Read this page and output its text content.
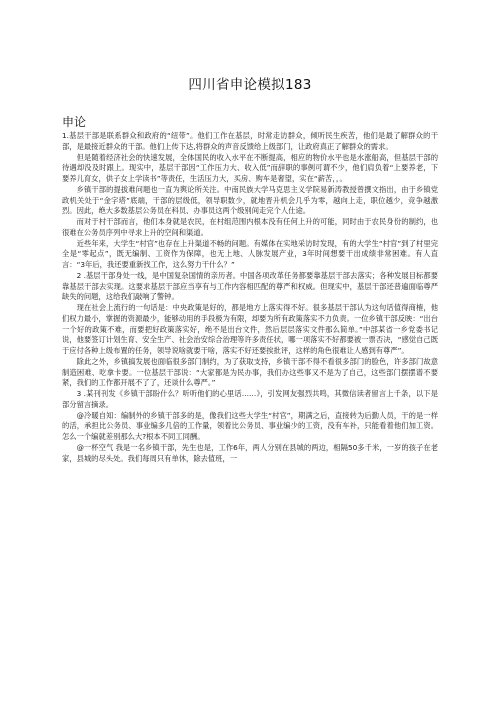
四川省申论模拟183
申论

1.基层干部是联系群众和政府的“纽带”。他们工作在基层，时常走访群众，倾听民生疾苦，他们是最了解群众的干部，是最接近群众的干部。他们上传下达,将群众的声音反馈给上级部门，让政府真正了解群众的需求。

但是随着经济社会的快速发展，全体国民的收入水平在不断提高，相应的物价水平也是水涨船高，但基层干部的待遇却没及时跟上。现实中，基层干部因“工作压力大、收入低”而辞职的事例可谓不少，他们肩负着“上要养老，下要养儿育女，供子女上学读书”等责任，生活压力大，买房、购车是奢望，实在“薪苦，，。

乡镇干部的提拔难问题也一直为舆论所关注。中南民族大学马克思主义学院易新涛教授曾撰文指出，由于乡镇党政机关处于“金字塔”底端，干部的层级低，领导职数少，就地晋升机会几乎为零，越向上走，职位越少，竞争越激烈。因此，绝大多数基层公务员在科员、办事员这两个级别间走完个人仕途。

而对于村干部而言，他们本身就是农民，在村组范围内根本没有任何上升的可能，同时由于农民身份的制约，也很难在公务员序列中寻求上升的空间和渠道。

近些年来，大学生“村官”也存在上升渠道不畅的问题。有媒体在实地采访时发现，有的大学生“村官”到了村里完全是“零起点”，既无编制、工资作为保障，也无上地、人脉发展产业，3年时间想要干出成绩非常困难。有人直言：“3年后，我还要重新找工作，这么努力干什么？”

2 .基层干部身处一线，是中国复杂国情的亲历者。中国各项改革任务都要靠基层干部去落实；各种发展目标都要靠基层干部去实现。这要求基层干部应当享有与工作内容相匹配的尊严和权威。但现实中，基层干部还普遍面临尊严缺失的问题，这给我们敲响了警钟。

现在社会上流行的一句话是：中央政策是好的，都是地方上落实得不好。很多基层干部认为这句话值得商榷，他们权力最小，掌握的资源最少，能够动用的手段极为有限，却要为所有政策落实不力负责。一位乡镇干部反映：“出台一个好的政策不难，而要把好政策落实好，绝不是出台文件，然后层层落实文件那么简单。”中部某省一乡党委书记说，他要签订计划生育、安全生产、社会治安综合治理等许多责任状，哪一项落实不好都要被一票否决，“感觉自己既于应付各种上级布置的任务，领导说啥就要干啥，落实不好还要挨批评，这样的角色很难让人感到有尊严”。

除此之外，乡镇搞发展也面临很多部门制约，为了获取支持，乡镇干部不得不看很多部门的脸色，许多部门故意制造困难、吃拿卡要。一位基层干部说：“大家都是为民办事，我们办这些事又不是为了自己，这些部门摆摆谱不要紧，我们的工作都开展不了了，还谈什么尊严。”

3 .某刊刊发《乡镇干部盼什么？听听他们的心里话……》，引发网友强烈共鸣，其微信读者留言上千条，以下是部分留言摘录。

@冷暖自知：编制外的乡镇干部多的是，像我们这些大学生“村官”，期满之后，直接转为后勤人员，干的是一样的活，承担比公务员、事业编多几倍的工作量，领着比公务员、事业编少的工资，没有车补，只能看着他们加工资。怎么一个编就差别那么大?根本不同工同酬。

@一杯空气 我是一名乡镇干部，先生也是，工作6年，两人分别在县城的两边，相隔50多千米，一岁的孩子在老家，县城的尽头处。我们每周只有单休，除去值班，一
